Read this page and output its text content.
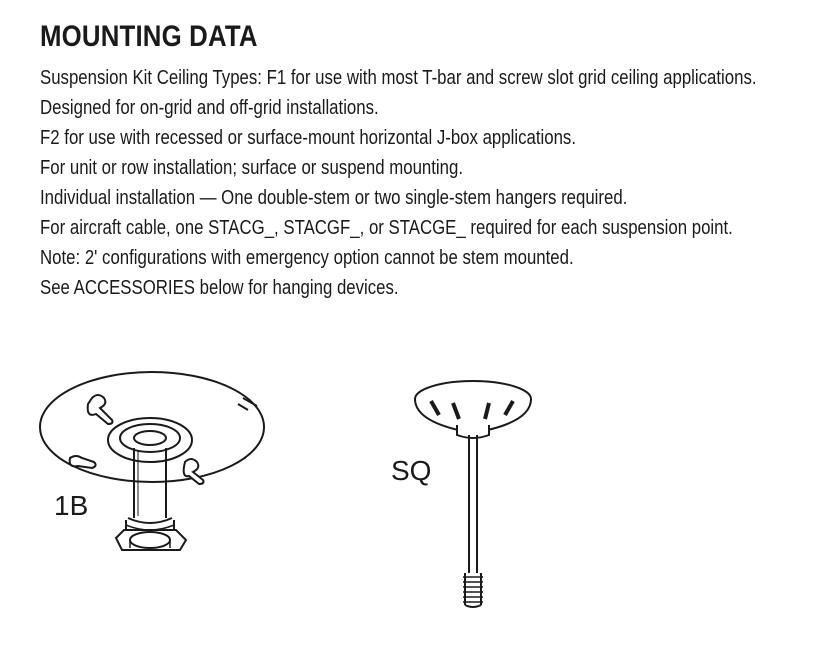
MOUNTING DATA

Suspension Kit Ceiling Types: F1 for use with most T-bar and screw slot grid ceiling applications. Designed for on-grid and off-grid installations.

F2 for use with recessed or surface-mount horizontal J-box applications.

For unit or row installation; surface or suspend mounting.

Individual installation — One double-stem or two single-stem hangers required.

For aircraft cable, one STACG_, STACGF_, or STACGE_ required for each suspension point.

Note: 2' configurations with emergency option cannot be stem mounted.

See ACCESSORIES below for hanging devices.

1B
SQ
